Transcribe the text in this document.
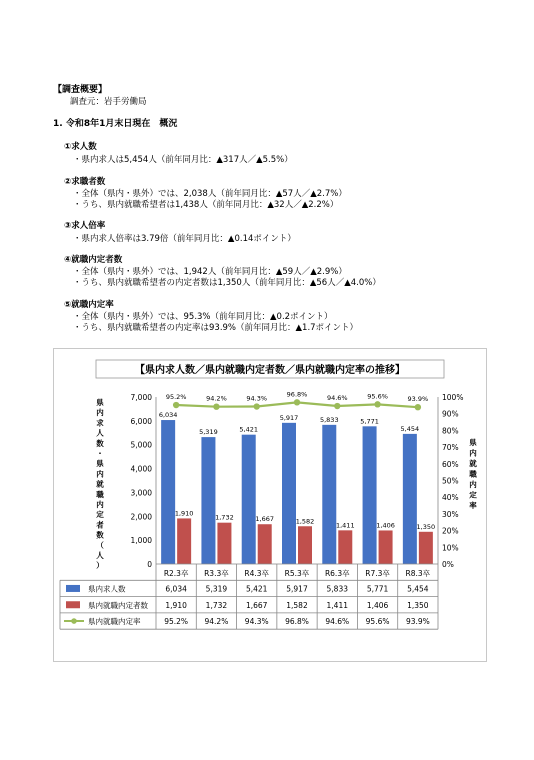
【調査概要】
調査元：岩手労働局
1. 令和8年1月末日現在　概況
①求人数
・県内求人は5,454人（前年同月比：▲317人／▲5.5%）
②求職者数
・全体（県内・県外）では、2,038人（前年同月比：▲57人／▲2.7%）
・うち、県内就職希望者は1,438人（前年同月比：▲32人／▲2.2%）
③求人倍率
・県内求人倍率は3.79倍（前年同月比：▲0.14ポイント）
④就職内定者数
・全体（県内・県外）では、1,942人（前年同月比：▲59人／▲2.9%）
・うち、県内就職希望者の内定者数は1,350人（前年同月比：▲56人／▲4.0%）
⑤就職内定率
・全体（県内・県外）では、95.3%（前年同月比：▲0.2ポイント）
・うち、県内就職希望者の内定率は93.9%（前年同月比：▲1.7ポイント）
【県内求人数／県内就職内定者数／県内就職内定率の推移】
0
1,000
2,000
3,000
4,000
5,000
6,000
7,000
0%
10%
20%
30%
40%
50%
60%
70%
80%
90%
100%
県
内
求
人
数
・
県
内
就
職
内
定
者
数
（
人
）
県
内
就
職
内
定
率
6,034
1,910
5,319
1,732
5,421
1,667
5,917
1,582
5,833
1,411
5,771
1,406
5,454
1,350
95.2%	94.2%	94.3%
96.8%	94.6%	95.6%	93.9%
R2.3卒 R3.3卒 R4.3卒 R5.3卒 R6.3卒 R7.3卒 R8.3卒
県内求人数	6,034	5,319	5,421	5,917	5,833	5,771	5,454
県内就職内定者数 1,910	1,732	1,667	1,582	1,411	1,406	1,350
県内就職内定率	95.2% 94.2% 94.3% 96.8% 94.6% 95.6% 93.9%
